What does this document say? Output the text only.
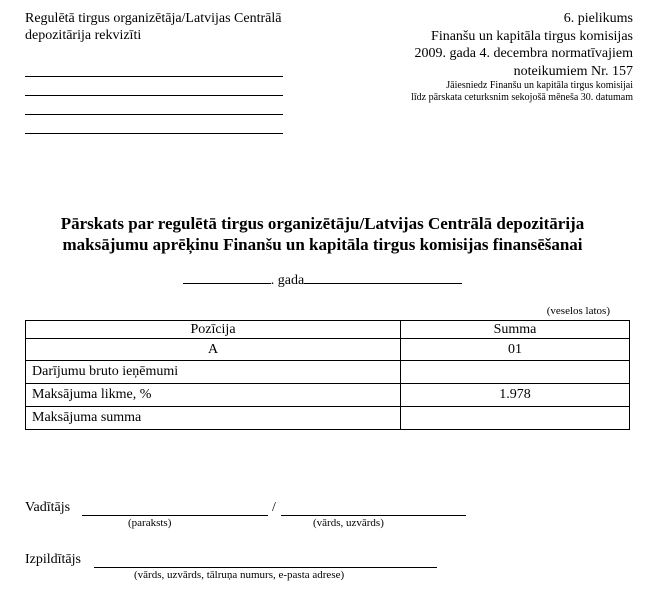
Regulētā tirgus organizētāja/Latvijas Centrālā
depozitārija rekvizīti
6. pielikums
Finanšu un kapitāla tirgus komisijas
2009. gada 4. decembra normatīvajiem
noteikumiem Nr. 157
Jāiesniedz Finanšu un kapitāla tirgus komisijai
līdz pārskata ceturksnim sekojošā mēneša 30. datumam
Pārskats par regulētā tirgus organizētāju/Latvijas Centrālā depozitārija
maksājumu aprēķinu Finanšu un kapitāla tirgus komisijas finansēšanai
. gada
(veselos latos)
Pozīcija	Summa
A	01
Darījumu bruto ieņēmumi	
Maksājuma likme, %	1.978
Maksājuma summa	
Vadītājs	/
(paraksts)	(vārds, uzvārds)
Izpildītājs
(vārds, uzvārds, tālruņa numurs, e-pasta adrese)
